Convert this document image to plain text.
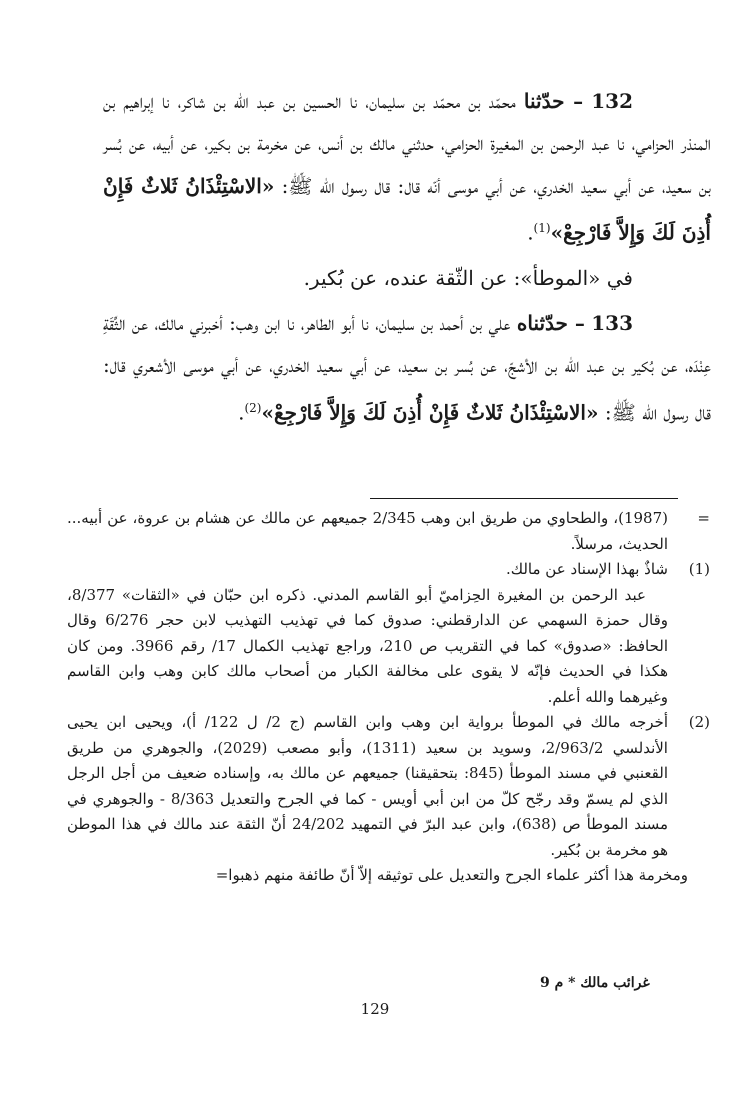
132 – حدّثنا محمّد بن محمّد بن سليمان، نا الحسين بن عبد الله بن شاكر، نا إبراهيم بن المنذر الحزامي، نا عبد الرحمن بن المغيرة الحزامي، حدثني مالك بن أنس، عن مخرمة بن بكير، عن أبيه، عن بُسر بن سعيد، عن أبي سعيد الخدري، عن أبي موسى أنّه قال: قال رسول الله ﷺ: «الاسْتِئْذَانُ ثَلاثٌ فَإِنْ أُذِنَ لَكَ وَإِلاَّ فَارْجِعْ»$^{(1)}$.

في «الموطأ»: عن الثّقة عنده، عن بُكير.

133 – حدّثناه علي بن أحمد بن سليمان، نا أبو الطاهر، نا ابن وهب: أخبرني مالك، عن الثِّقَةِ عِنْدَه، عن بُكير بن عبد الله بن الأشجّ، عن بُسر بن سعيد، عن أبي سعيد الخدري، عن أبي موسى الأشعري قال: قال رسول الله ﷺ: «الاسْتِئْذَانُ ثَلاثٌ فَإِنْ أُذِنَ لَكَ وَإِلاَّ فَارْجِعْ»$^{(2)}$.

=
(1987)، والطحاوي من طريق ابن وهب 2/345 جميعهم عن مالك عن هشام بن عروة، عن أبيه... الحديث، مرسلاً.

(1)
شاذٌ بهذا الإسناد عن مالك.

عبد الرحمن بن المغيرة الحِزاميّ أبو القاسم المدني. ذكره ابن حبّان في «الثقات» 8/377، وقال حمزة السهمي عن الدارقطني: صدوق كما في تهذيب التهذيب لابن حجر 6/276 وقال الحافظ: «صدوق» كما في التقريب ص 210، وراجع تهذيب الكمال 17/ رقم 3966. ومن كان هكذا في الحديث فإنّه لا يقوى على مخالفة الكبار من أصحاب مالك كابن وهب وابن القاسم وغيرهما والله أعلم.

(2)
أخرجه مالك في الموطأ برواية ابن وهب وابن القاسم (ج 2/ ل 122/ أ)، ويحيى ابن يحيى الأندلسي 2/963/2، وسويد بن سعيد (1311)، وأبو مصعب (2029)، والجوهري من طريق القعنبي في مسند الموطأ (845: بتحقيقنا) جميعهم عن مالك به، وإسناده ضعيف من أجل الرجل الذي لم يسمّ وقد رجّح كلّ من ابن أبي أويس - كما في الجرح والتعديل 8/363 - والجوهري في مسند الموطأ ص (638)، وابن عبد البرّ في التمهيد 24/202 أنّ الثقة عند مالك في هذا الموطن هو مخرمة بن بُكير.

ومخرمة هذا أكثر علماء الجرح والتعديل على توثيقه إلاّ أنّ طائفة منهم ذهبوا=

غرائب مالك * م 9
129
